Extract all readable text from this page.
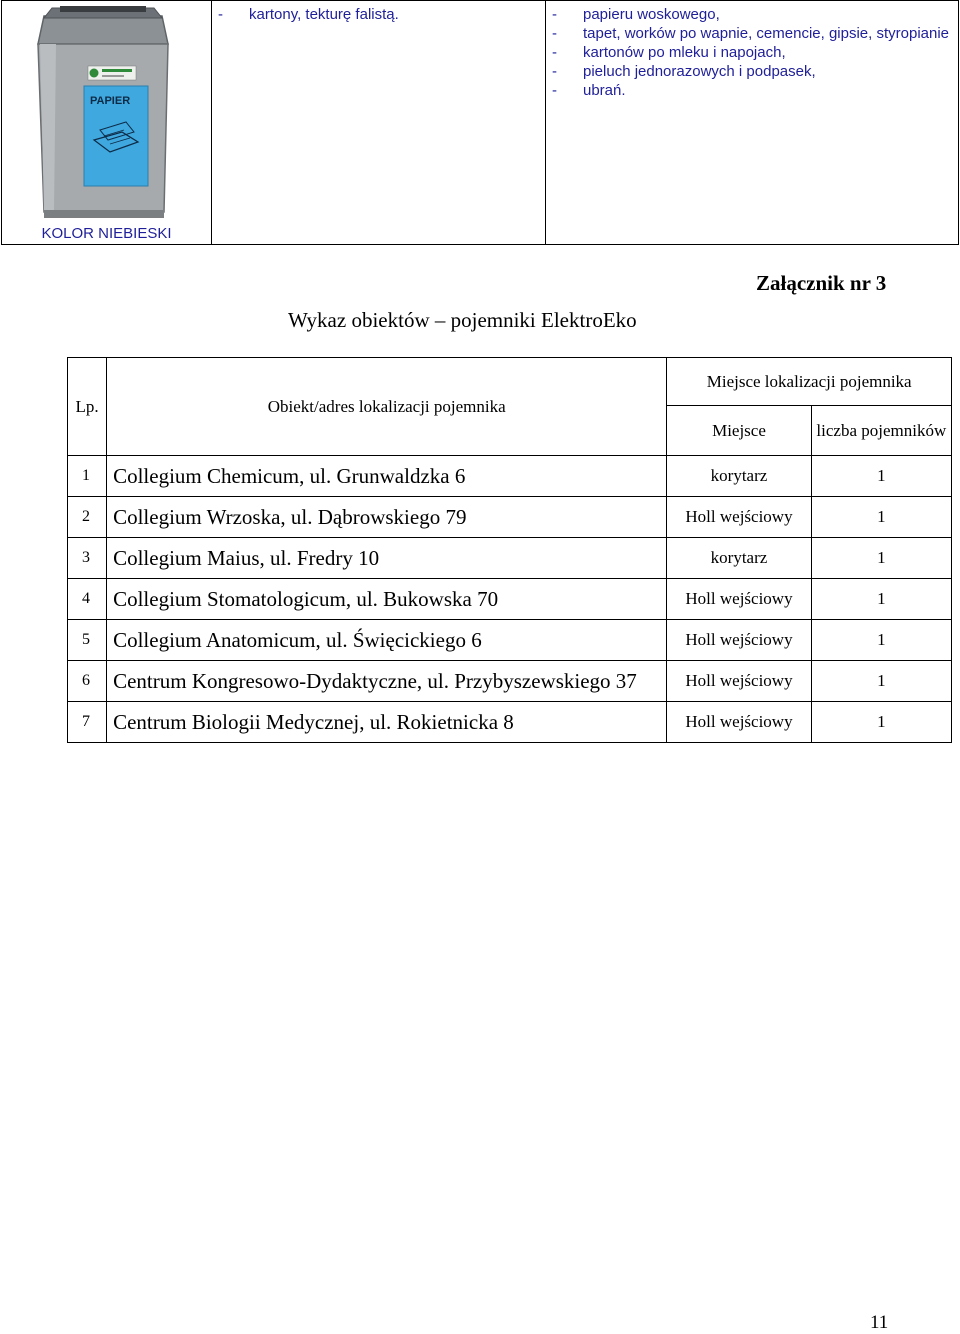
PAPIER
KOLOR NIEBIESKI

- kartony, tekturę falistą.

-papieru woskowego,
- tapet, worków po wapnie, cemencie, gipsie, styropianie
- kartonów po mleku i napojach,
- pieluch jednorazowych i podpasek,
- ubrań.
Załącznik nr 3
Wykaz obiektów – pojemniki ElektroEko
Lp.	Obiekt/adres lokalizacji pojemnika	Miejsce lokalizacji pojemnika	
		Miejsce	liczba pojemników
1	Collegium Chemicum, ul. Grunwaldzka 6	korytarz	1
2	Collegium Wrzoska, ul. Dąbrowskiego 79	Holl wejściowy	1
3	Collegium Maius, ul. Fredry 10	korytarz	1
4	Collegium Stomatologicum, ul. Bukowska 70	Holl wejściowy	1
5	Collegium Anatomicum, ul. Święcickiego 6	Holl wejściowy	1
6	Centrum Kongresowo-Dydaktyczne, ul. Przybyszewskiego 37	Holl wejściowy	1
7	Centrum Biologii Medycznej, ul. Rokietnicka 8	Holl wejściowy	1
11
